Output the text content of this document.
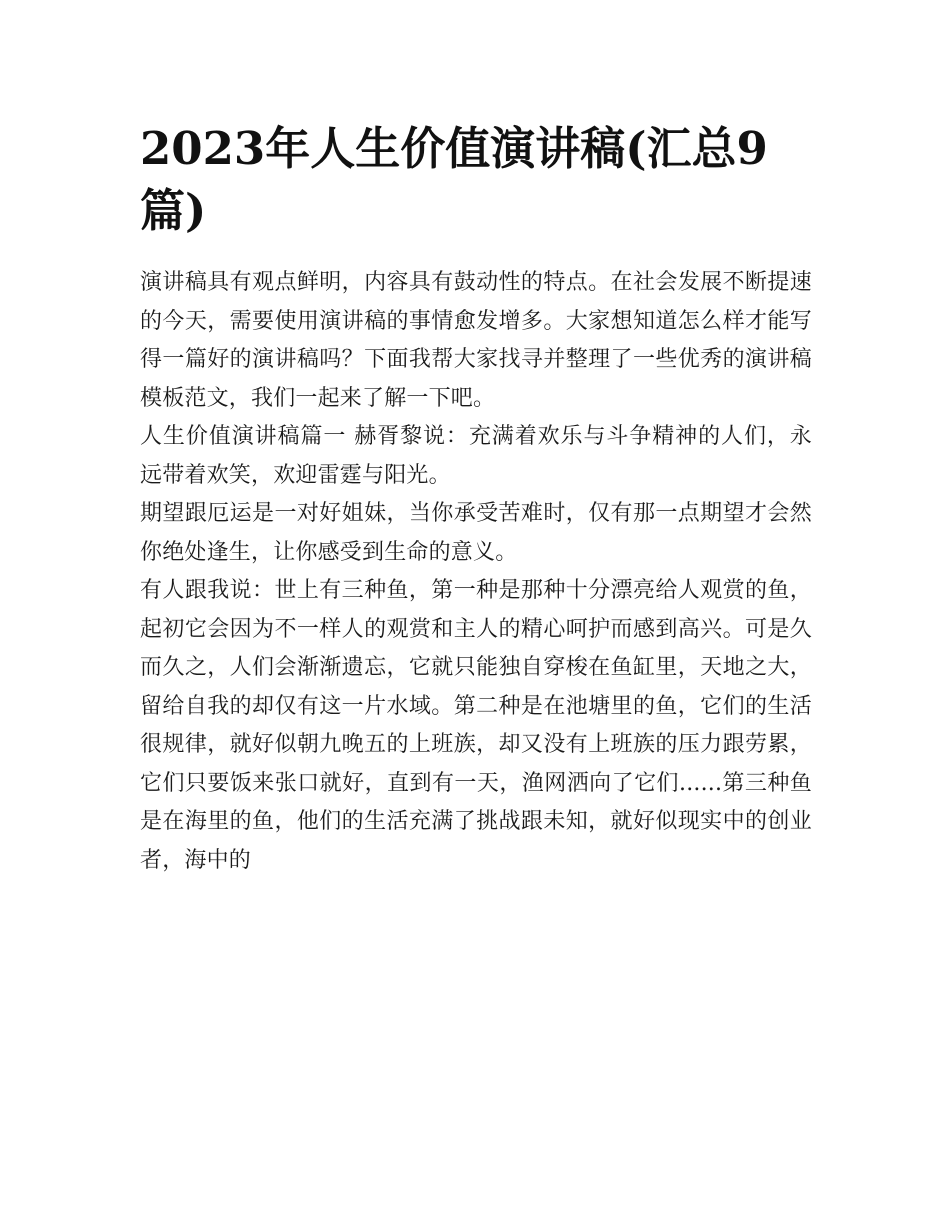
2023年人生价值演讲稿(汇总9篇)

演讲稿具有观点鲜明，内容具有鼓动性的特点。在社会发展不断提速的今天，需要使用演讲稿的事情愈发增多。大家想知道怎么样才能写得一篇好的演讲稿吗？下面我帮大家找寻并整理了一些优秀的演讲稿模板范文，我们一起来了解一下吧。

人生价值演讲稿篇一 赫胥黎说：充满着欢乐与斗争精神的人们，永远带着欢笑，欢迎雷霆与阳光。

期望跟厄运是一对好姐妹，当你承受苦难时，仅有那一点期望才会然你绝处逢生，让你感受到生命的意义。

有人跟我说：世上有三种鱼，第一种是那种十分漂亮给人观赏的鱼，起初它会因为不一样人的观赏和主人的精心呵护而感到高兴。可是久而久之，人们会渐渐遗忘，它就只能独自穿梭在鱼缸里，天地之大，留给自我的却仅有这一片水域。第二种是在池塘里的鱼，它们的生活很规律，就好似朝九晚五的上班族，却又没有上班族的压力跟劳累，它们只要饭来张口就好，直到有一天，渔网洒向了它们......第三种鱼是在海里的鱼，他们的生活充满了挑战跟未知，就好似现实中的创业者，海中的
